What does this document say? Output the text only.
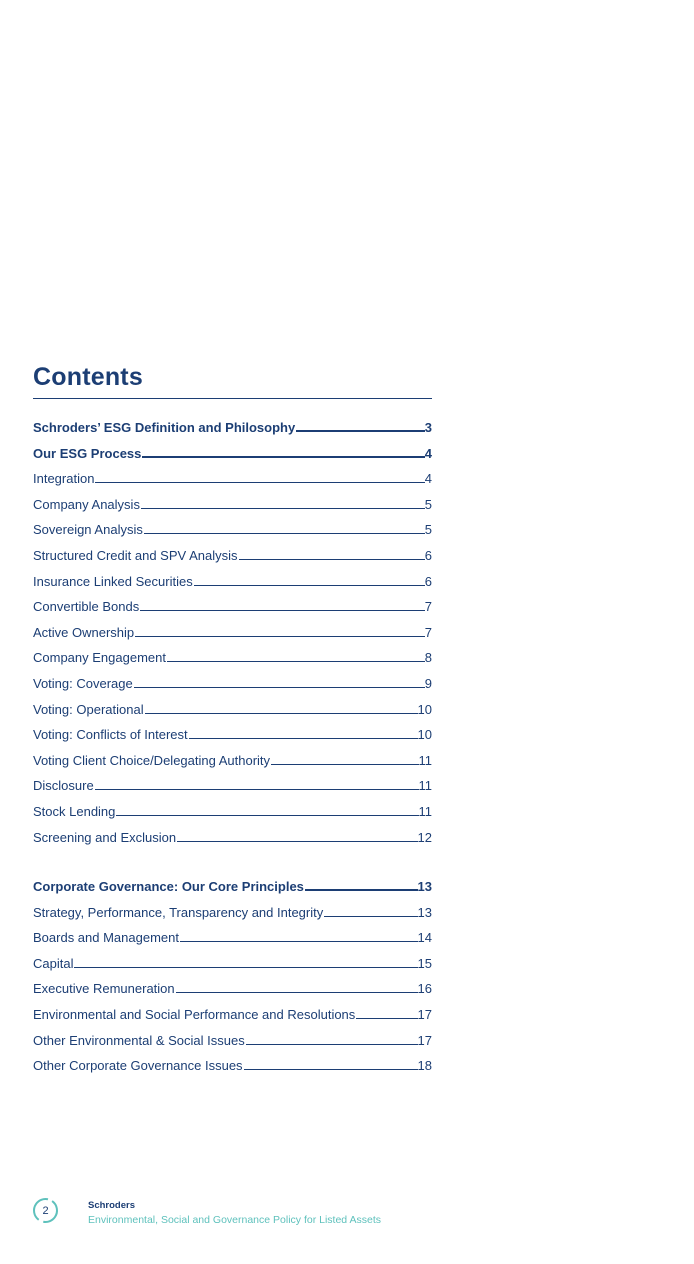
Contents
Schroders’ ESG Definition and Philosophy	3
Our ESG Process	4
Integration	4
Company Analysis	5
Sovereign Analysis	5
Structured Credit and SPV Analysis	6
Insurance Linked Securities	6
Convertible Bonds	7
Active Ownership	7
Company Engagement	8
Voting: Coverage	9
Voting: Operational	10
Voting: Conflicts of Interest	10
Voting Client Choice/Delegating Authority	11
Disclosure	11
Stock Lending	11
Screening and Exclusion	12
Corporate Governance: Our Core Principles	13
Strategy, Performance, Transparency and Integrity	13
Boards and Management	14
Capital	15
Executive Remuneration	16
Environmental and Social Performance and Resolutions	17
Other Environmental & Social Issues	17
Other Corporate Governance Issues	18
2	Schroders
Environmental, Social and Governance Policy for Listed Assets
